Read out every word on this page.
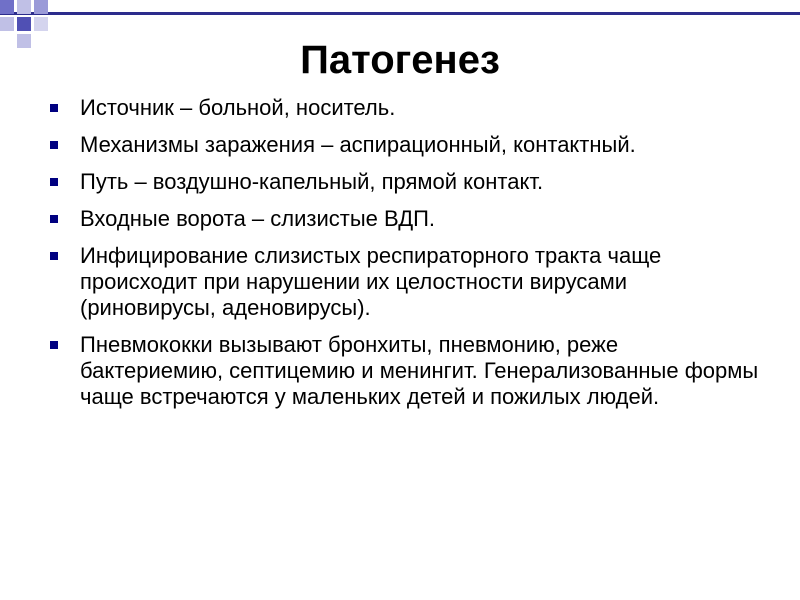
Патогенез
Источник – больной, носитель.
Механизмы заражения – аспирационный, контактный.
Путь – воздушно-капельный, прямой контакт.
Входные ворота – слизистые ВДП.
Инфицирование слизистых респираторного тракта чаще происходит при нарушении их целостности вирусами (риновирусы, аденовирусы).
Пневмококки вызывают бронхиты, пневмонию, реже бактериемию, септицемию и менингит. Генерализованные формы чаще встречаются у маленьких детей и пожилых людей.
